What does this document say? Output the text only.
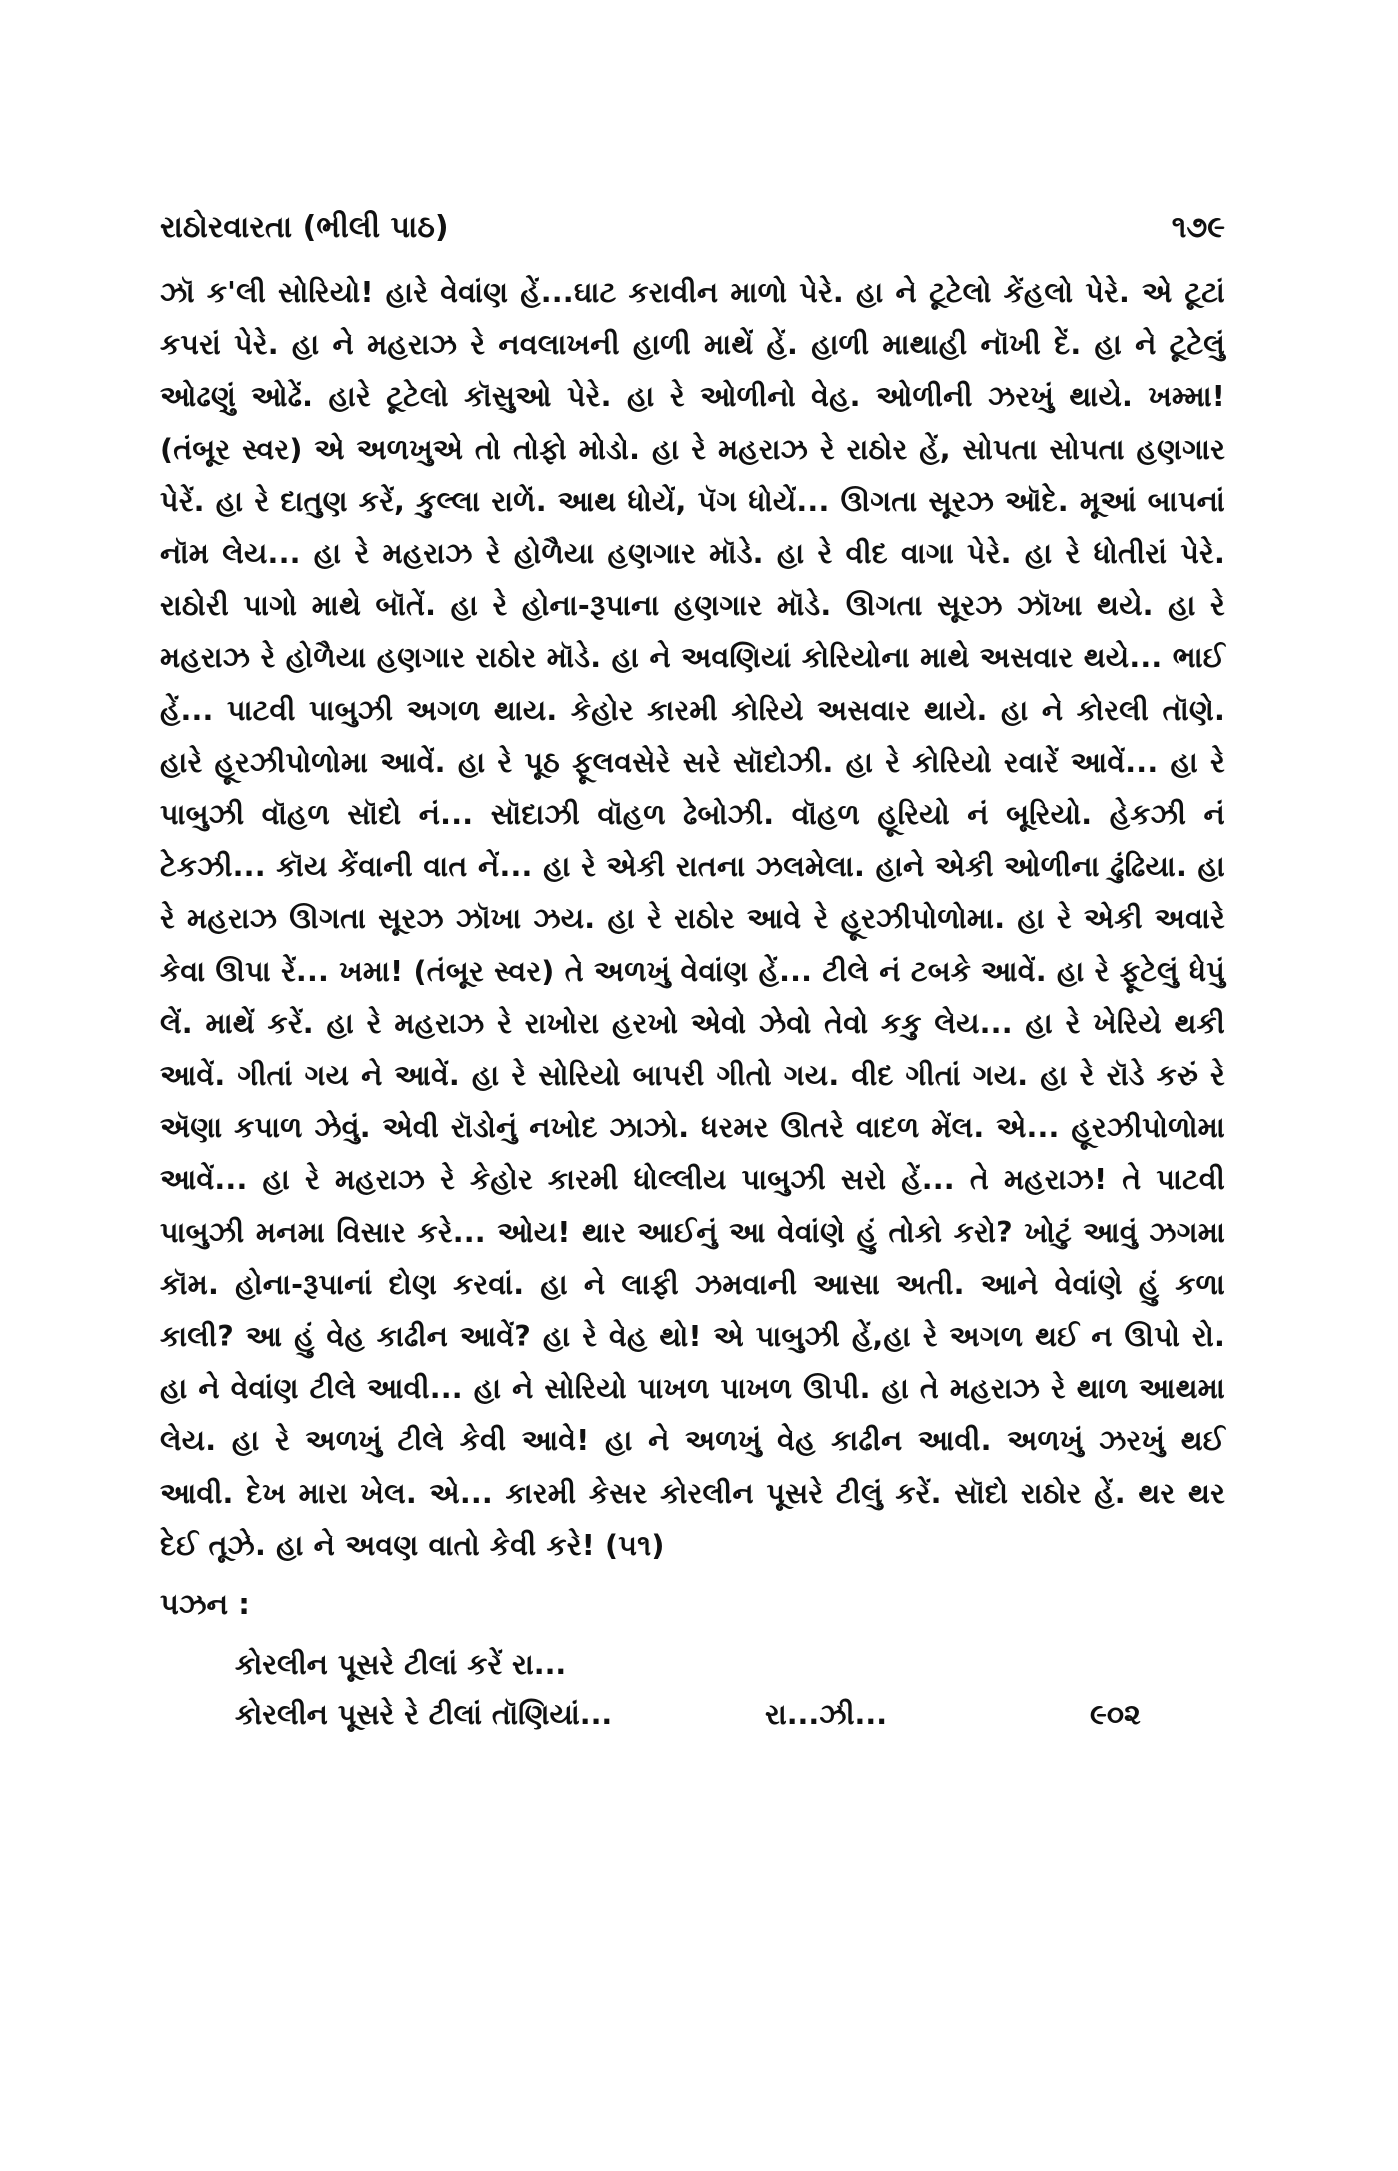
રાઠોરવારતા (ભીલી પાઠ)	૧૭૯

ઝૉ ક'લી સોરિયો! હારે વેવાંણ હેં...ઘાટ કરાવીન માળો પેરે. હા ને ટૂટેલો કેંહલો પેરે. એ ટૂટાં કપરાં પેરે. હા ને મહરાઝ રે નવલાખની હાળી માથેં હેં. હાળી માથાહી નૉખી દેં. હા ને ટૂટેલું ઓઢણું ઓઢેં. હારે ટૂટેલો કૉસુઓ પેરે. હા રે ઓળીનો વેહ. ઓળીની ઝરખું થાયે. ખમ્મા! (તંબૂર સ્વર) એ અળખુએ તો તોફો મોડો. હા રે મહરાઝ રે રાઠોર હેં, સોપતા સોપતા હણગાર પેરેં. હા રે દાતુણ કરેં, કુલ્લા રાળેં. આથ ધોયેં, પૅગ ધોયેં... ઊગતા સૂરઝ ઑદે. મૂઆં બાપનાં નૉમ લેય... હા રે મહરાઝ રે હોળૈયા હણગાર મૉડે. હા રે વીદ વાગા પેરે. હા રે ધોતીરાં પેરે. રાઠોરી પાગો માથે બૉતેં. હા રે હોના-રૂપાના હણગાર મૉડે. ઊગતા સૂરઝ ઝૉખા થયે. હા રે મહરાઝ રે હોળૈયા હણગાર રાઠોર મૉડે. હા ને અવણિયાં કોરિયોના માથે અસવાર થયે... ભાઈ હેં... પાટવી પાબુઝી અગળ થાય. કેહોર કારમી કોરિયે અસવાર થાયે. હા ને કોરલી તૉણે. હારે હૂરઝીપોળોમા આવેં. હા રે પૂઠ ફૂલવસેરે સરે સૉદોઝી. હા રે કોરિયો રવારેં આવેં... હા રે પાબુઝી વૉહળ સૉદો નં... સૉદાઝી વૉહળ ઢેબોઝી. વૉહળ હૂરિયો નં બૂરિયો. હેકઝી નં ટેકઝી... કૉય કેંવાની વાત નેં... હા રે એકી રાતના ઝલમેલા. હાને એકી ઓળીના ઢુંઢિયા. હા રે મહરાઝ ઊગતા સૂરઝ ઝૉખા ઝય. હા રે રાઠોર આવે રે હૂરઝીપોળોમા. હા રે એકી અવારે કેવા ઊપા રેં... ખમા! (તંબૂર સ્વર) તે અળખું વેવાંણ હેં... ટીલે નં ટબકે આવેં. હા રે ફૂટેલું ધેપું લેં. માથેં કરેં. હા રે મહરાઝ રે રાખોરા હરખો એવો ઝેવો તેવો કકુ લેય... હા રે ખેરિયે થકી આવેં. ગીતાં ગય ને આવેં. હા રે સોરિયો બાપરી ગીતો ગય. વીદ ગીતાં ગય. હા રે રૉડે કરું રે ઍણા કપાળ ઝેવું. એવી રૉડોનું નખોદ ઝાઝો. ધરમર ઊતરે વાદળ મેંલ. એ... હૂરઝીપોળોમા આવેં... હા રે મહરાઝ રે કેહોર કારમી ધોલ્લીય પાબુઝી સરો હેં... તે મહરાઝ! તે પાટવી પાબુઝી મનમા વિસાર કરે... ઓય! થાર આઈનું આ વેવાંણે હું તોકો કરો? ખોટું આવું ઝગમા કૉમ. હોના-રૂપાનાં દોણ કરવાં. હા ને લાફી ઝમવાની આસા અતી. આને વેવાંણે હું કળા કાલી? આ હું વેહ કાઢીન આવેં? હા રે વેહ થો! એ પાબુઝી હેં,હા રે અગળ થઈ ન ઊપો રો. હા ને વેવાંણ ટીલે આવી... હા ને સોરિયો પાખળ પાખળ ઊપી. હા તે મહરાઝ રે થાળ આથમા લેય. હા રે અળખું ટીલે કેવી આવે! હા ને અળખું વેહ કાઢીન આવી. અળખું ઝરખું થઈ આવી. દેખ મારા ખેલ. એ... કારમી કેસર કોરલીન પૂસરે ટીલું કરેં. સૉદો રાઠોર હેં. થર થર દેઈ તૂઝે. હા ને અવણ વાતો કેવી કરે! (૫૧)

પઝન :
કોરલીન પૂસરે ટીલાં કરેં રા...
કોરલીન પૂસરે રે ટીલાં તૉણિયાં...	રા...ઝી...	૯૦૨
